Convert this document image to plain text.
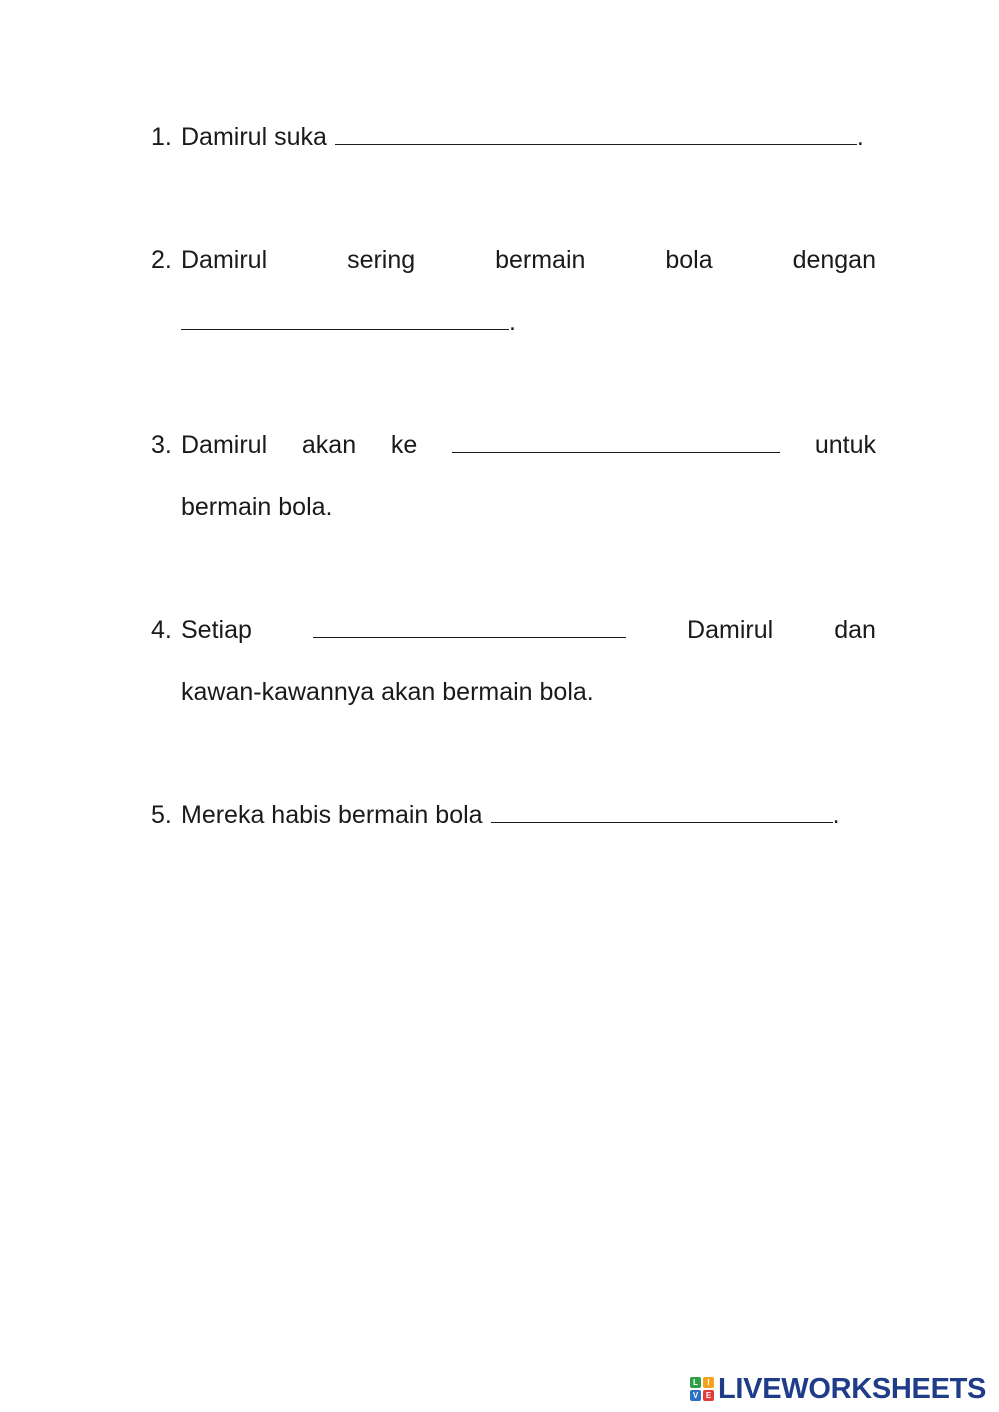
1. Damirul suka	.
2. Damirul	sering	bermain	bola	dengan
.
3. Damirul akan ke	untuk
bermain bola.
4. Setiap	Damirul dan
kawan-kawannya akan bermain bola.
5. Mereka habis bermain bola	.
L	I
V E LIVEWORKSHEETS
